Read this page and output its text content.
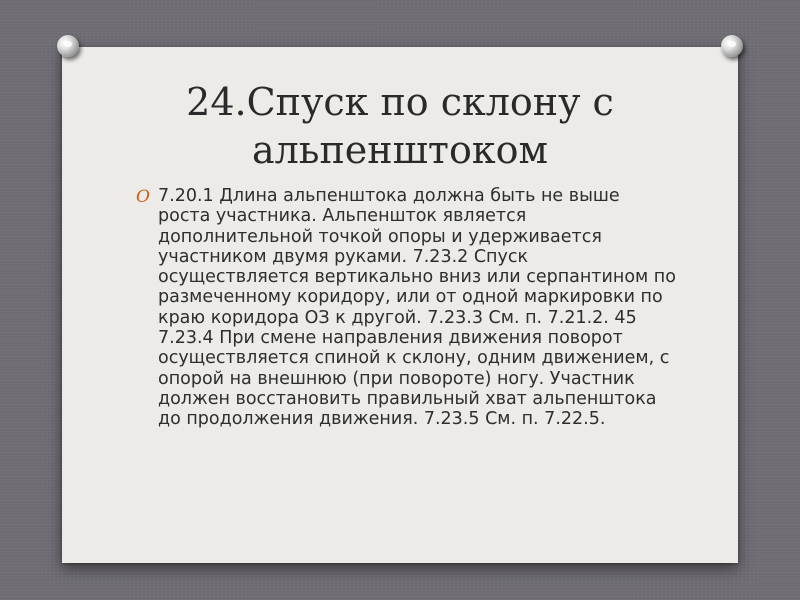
24.Спуск по склону с альпенштоком
O 7.20.1 Длина альпенштока должна быть не выше роста участника. Альпеншток является дополнительной точкой опоры и удерживается участником двумя руками. 7.23.2 Спуск осуществляется вертикально вниз или серпантином по размеченному коридору, или от одной маркировки по краю коридора ОЗ к другой. 7.23.3 См. п. 7.21.2. 45 7.23.4 При смене направления движения поворот осуществляется спиной к склону, одним движением, с опорой на внешнюю (при повороте) ногу. Участник должен восстановить правильный хват альпенштока до продолжения движения. 7.23.5 См. п. 7.22.5.
